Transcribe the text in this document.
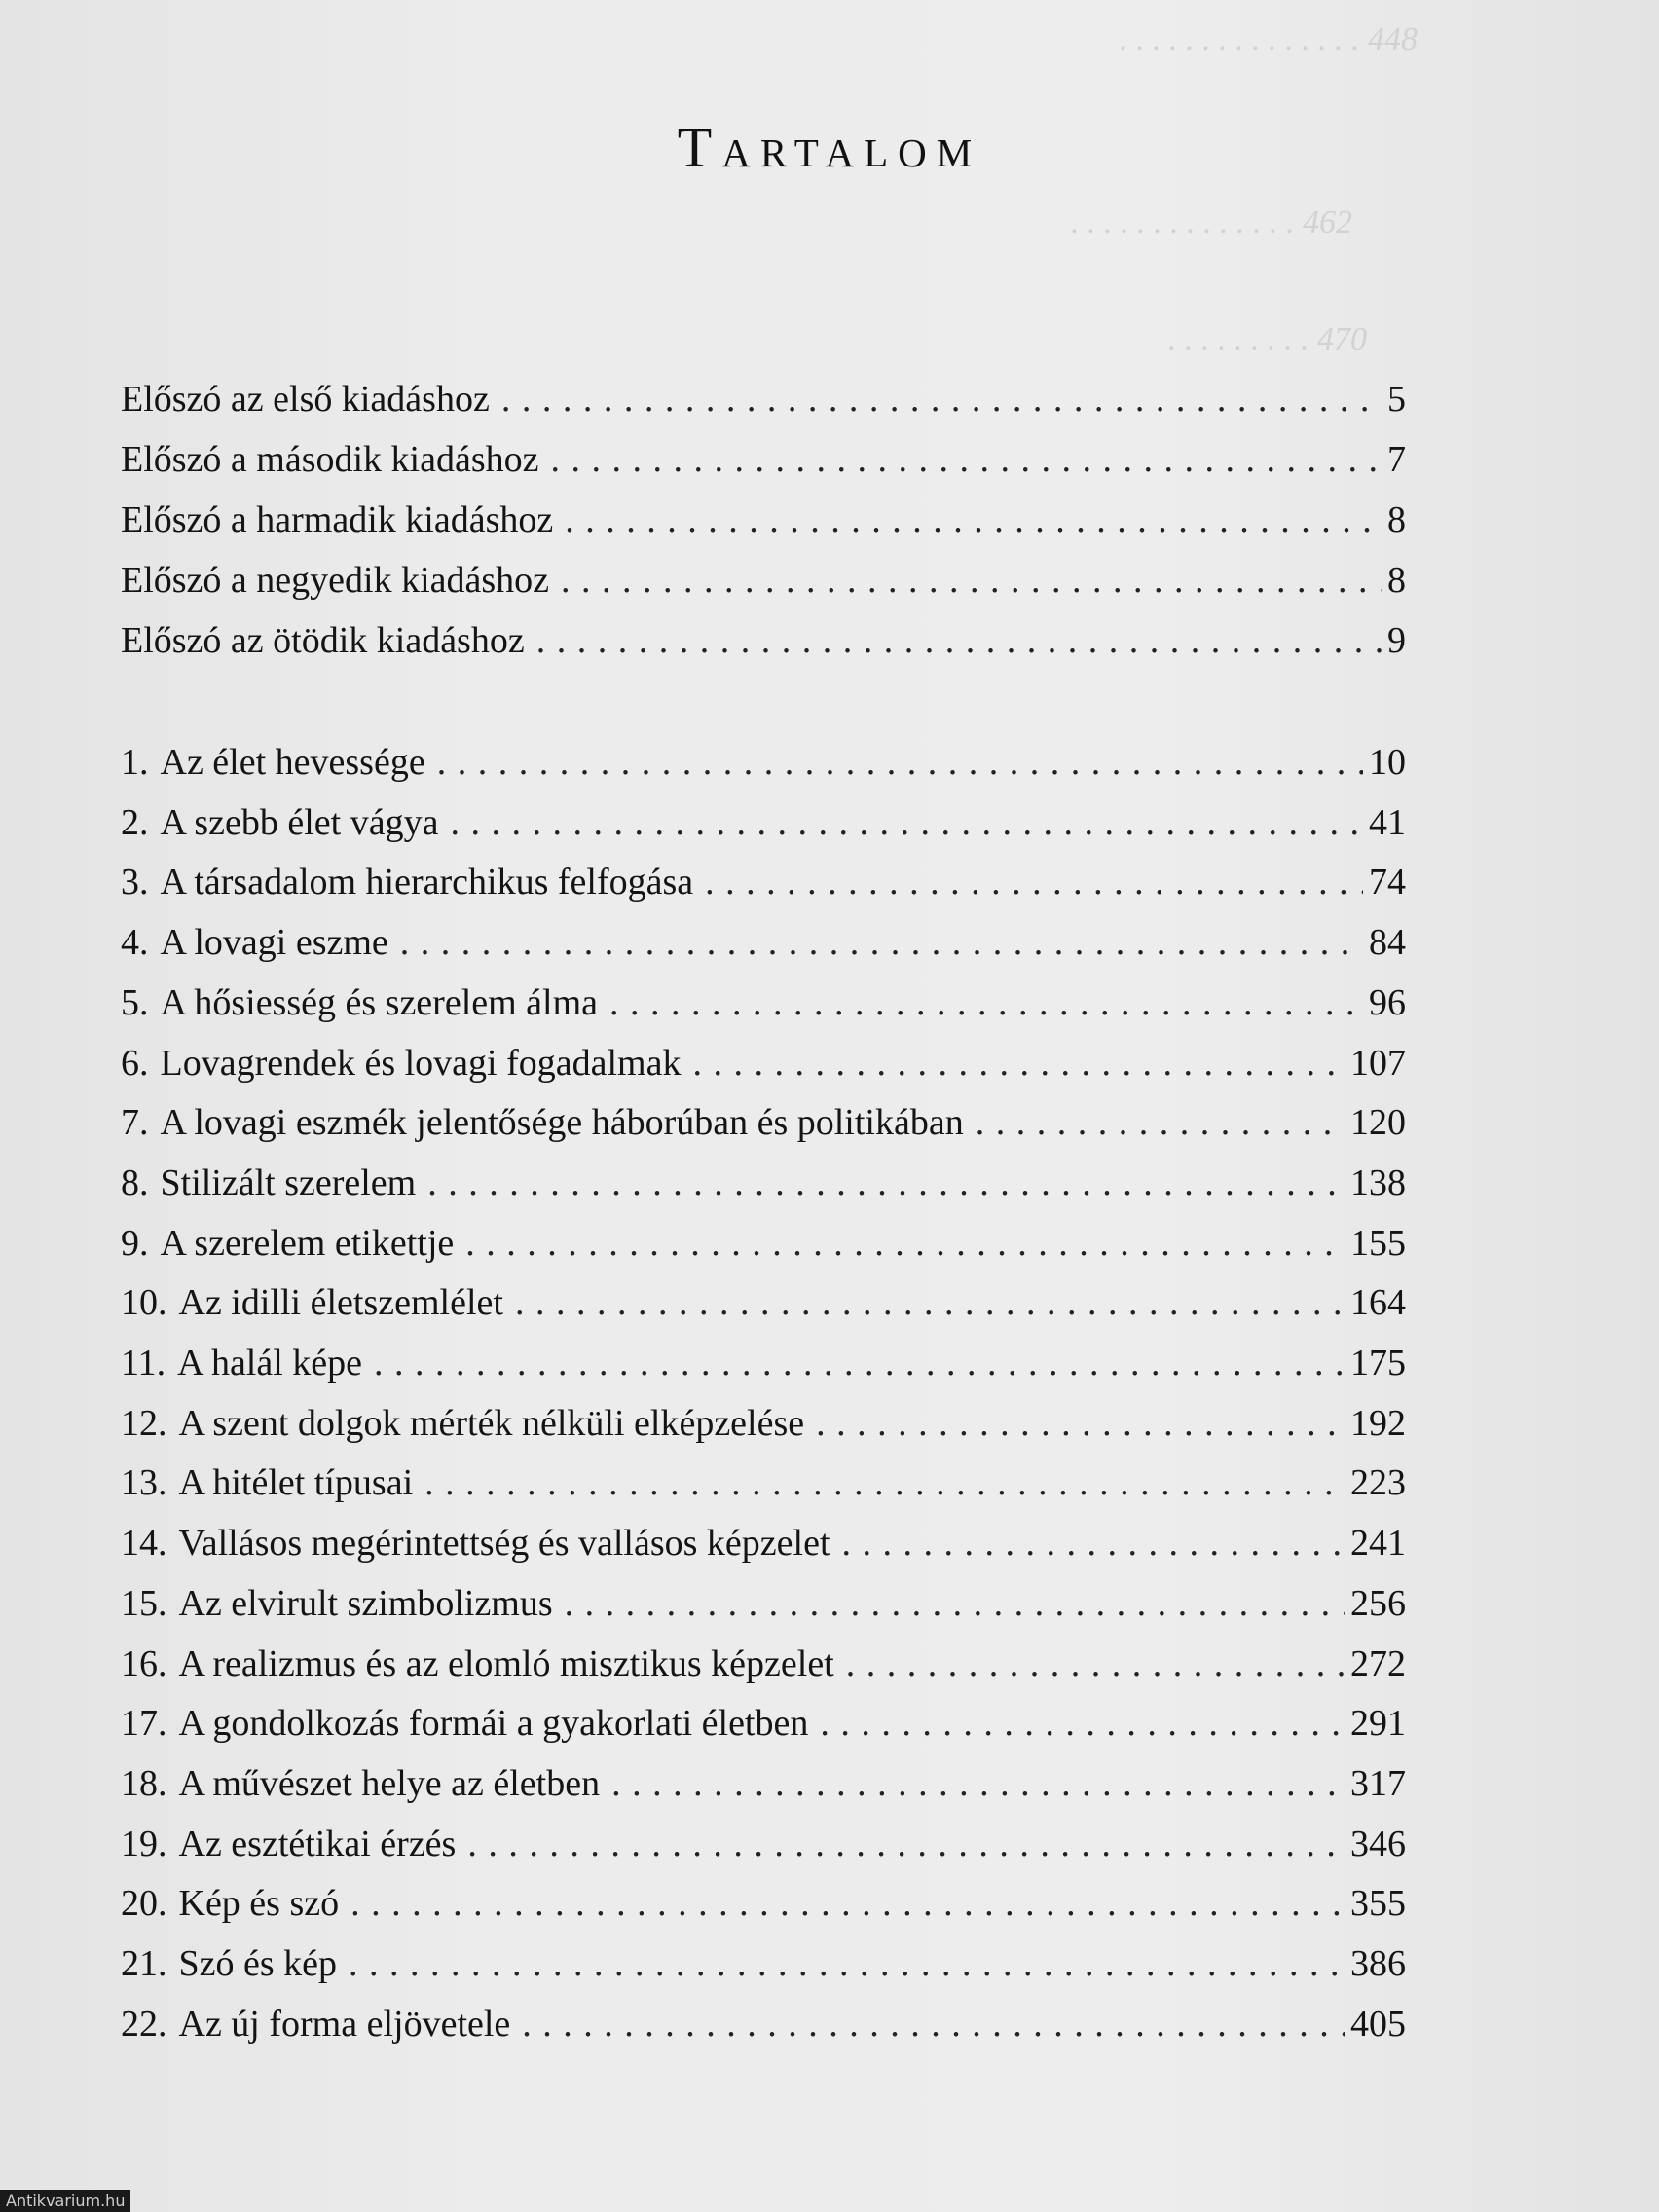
. . . . . . . . . . . . . . . 448
. . . . . . . . . . . . . . 462
. . . . . . . . . 470
Tartalom
Előszó az első kiadáshoz . . .	5
Előszó a második kiadáshoz . . .	7
Előszó a harmadik kiadáshoz . . .	8
Előszó a negyedik kiadáshoz . . .	8
Előszó az ötödik kiadáshoz . . .	9
1. Az élet hevessége . . .	10
2. A szebb élet vágya . . .	41
3. A társadalom hierarchikus felfogása . . .	74
4. A lovagi eszme . . .	84
5. A hősiesség és szerelem álma . . .	96
6. Lovagrendek és lovagi fogadalmak . . .	107
7. A lovagi eszmék jelentősége háborúban és politikában . . .	120
8. Stilizált szerelem . . .	138
9. A szerelem etikettje . . .	155
10. Az idilli életszemlélet . . .	164
11. A halál képe . . .	175
12. A szent dolgok mérték nélküli elképzelése . . .	192
13. A hitélet típusai . . .	223
14. Vallásos megérintettség és vallásos képzelet . . .	241
15. Az elvirult szimbolizmus . . .	256
16. A realizmus és az elomló misztikus képzelet . . .	272
17. A gondolkozás formái a gyakorlati életben . . .	291
18. A művészet helye az életben . . .	317
19. Az esztétikai érzés . . .	346
20. Kép és szó . . .	355
21. Szó és kép . . .	386
22. Az új forma eljövetele . . .	405
Antikvarium.hu
